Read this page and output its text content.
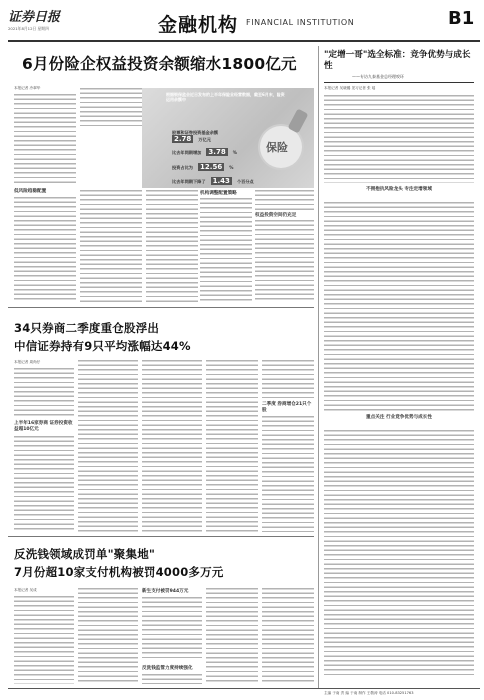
证券日报
2021年8月12日 星期四	金融机构 FINANCIAL INSTITUTION	B1
6月份险企权益投资余额缩水1800亿元
本报记者 冷翠华
低风险趋稳配置
根据银保监会近日发布的上半年保险业经营数据，截至6月末，险资运用余额中
股票和证券投资基金余额
2.78 万亿元
比去年同期增加 3.78 %
投资占比为 12.56 %
比去年同期下降了 1.43 个百分点
保险
机构调整配置策略
权益投资空间仍充足
"定增一哥"选全标准：竞争优势与成长性
——专访九泰基金总经理咬环
本报记者 吴晓璐 见习记者 张 瑶
不拥抱抗风险龙头 专注定增领域
重点关注 行业竞争优势与成长性
34只券商二季度重仓股浮出
中信证券持有9只平均涨幅达44%
本报记者 周尚仔
上半年16家券商 证券投资收益超10亿元
二季度 券商增仓21只个股
反洗钱领域成罚单"聚集地"
7月份超10家支付机构被罚4000多万元
本报记者 吴成	新生支付被罚944万元
反洗钱监管力度持续强化
主编 于南 责 编 于南 制作 王敬涛 电话 010-83251763
